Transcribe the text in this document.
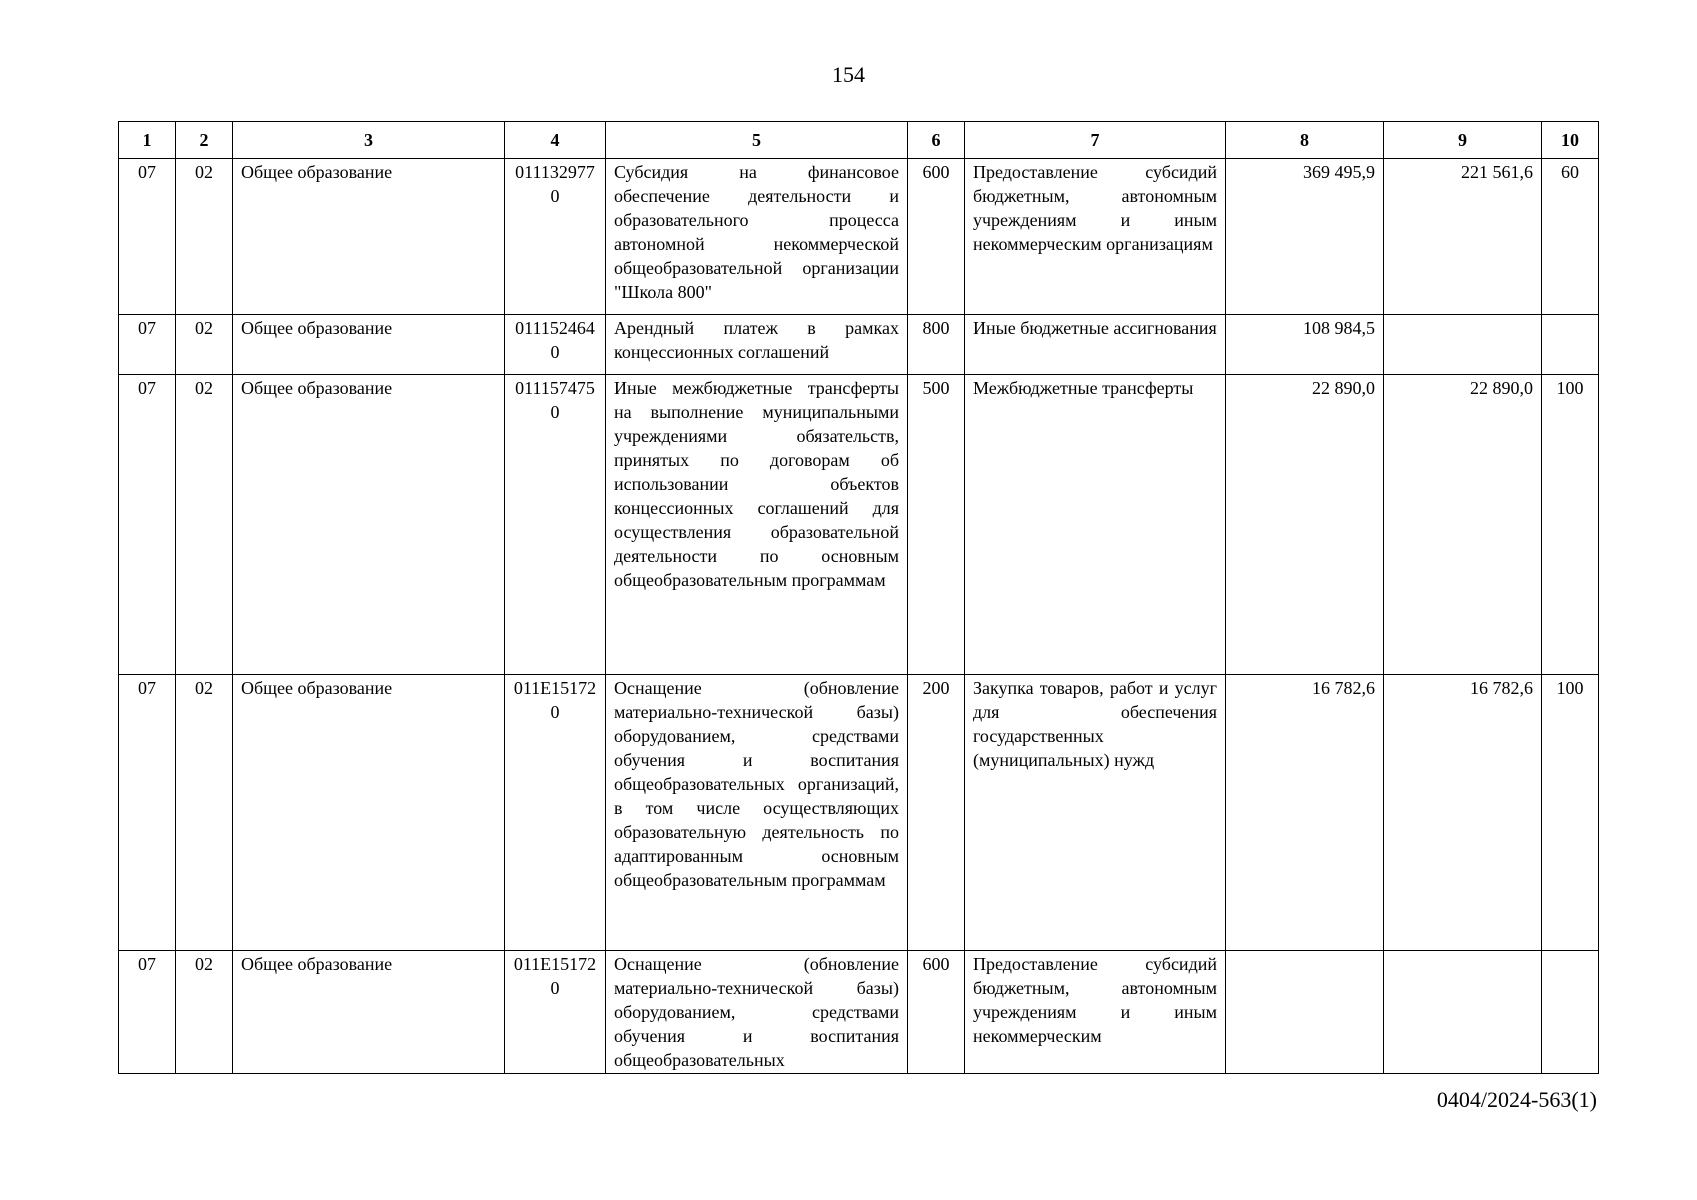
154
1	2	3	4	5	6	7	8	9	10
07	02	Общее образование	0111329770	Субсидия на финансовое обеспечение деятельности и образовательного процесса автономной некоммерческой общеобразовательной организации "Школа 800"	600	Предоставление субсидий бюджетным, автономным учреждениям и иным некоммерческим организациям	369 495,9	221 561,6	60
07	02	Общее образование	0111524640	Арендный платеж в рамках концессионных соглашений	800	Иные бюджетные ассигнования	108 984,5		
07	02	Общее образование	0111574750	Иные межбюджетные трансферты на выполнение муниципальными учреждениями обязательств, принятых по договорам об использовании объектов концессионных соглашений для осуществления образовательной деятельности по основным общеобразовательным программам	500	Межбюджетные трансферты	22 890,0	22 890,0	100
07	02	Общее образование	011E151720	Оснащение (обновление материально-технической базы) оборудованием, средствами обучения и воспитания общеобразовательных организаций, в том числе осуществляющих образовательную деятельность по адаптированным основным общеобразовательным программам	200	Закупка товаров, работ и услуг для обеспечения государственных (муниципальных) нужд	16 782,6	16 782,6	100
07	02	Общее образование	011E151720	Оснащение (обновление материально-технической базы) оборудованием, средствами обучения и воспитания общеобразовательных	600	Предоставление субсидий бюджетным, автономным учреждениям и иным некоммерческим			
0404/2024-563(1)
